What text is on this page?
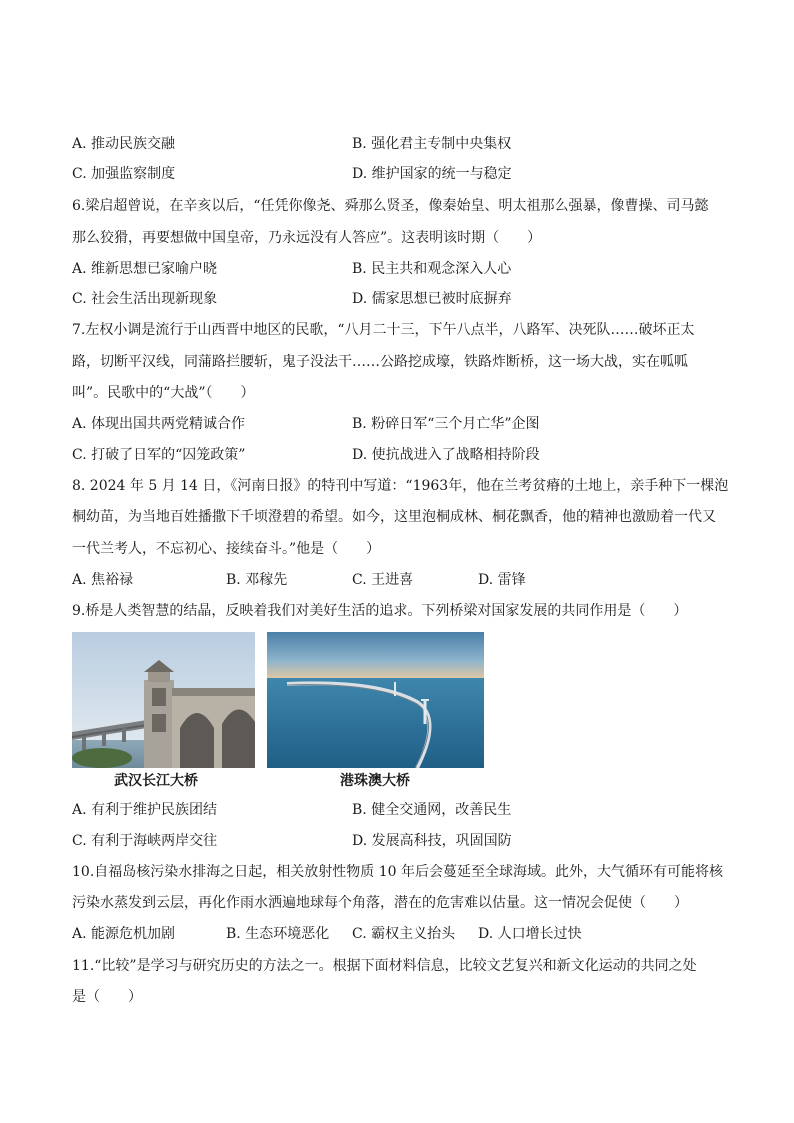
A. 推动民族交融	B. 强化君主专制中央集权
C. 加强监察制度	D. 维护国家的统一与稳定
6.梁启超曾说，在辛亥以后，“任凭你像尧、舜那么贤圣，像秦始皇、明太祖那么强暴，像曹操、司马懿
那么狡猾，再要想做中国皇帝，乃永远没有人答应”。这表明该时期（　　）
A. 维新思想已家喻户晓	B. 民主共和观念深入人心
C. 社会生活出现新现象	D. 儒家思想已被时底摒弃
7.左权小调是流行于山西晋中地区的民歌，“八月二十三，下午八点半，八路军、决死队……破坏正太
路，切断平汉线，同蒲路拦腰斩，鬼子没法干……公路挖成壕，铁路炸断桥，这一场大战，实在呱呱
叫”。民歌中的“大战”（　　）
A. 体现出国共两党精诚合作	B. 粉碎日军“三个月亡华”企图
C. 打破了日军的“囚笼政策”	D. 使抗战进入了战略相持阶段
8. 2024 年 5 月 14 日，《河南日报》的特刊中写道：“1963年，他在兰考贫瘠的土地上，亲手种下一棵泡
桐幼苗，为当地百姓播撒下千顷澄碧的希望。如今，这里泡桐成林、桐花飘香，他的精神也激励着一代又
一代兰考人，不忘初心、接续奋斗。”他是（　　）
A. 焦裕禄	B. 邓稼先	C. 王进喜	D. 雷锋
9.桥是人类智慧的结晶，反映着我们对美好生活的追求。下列桥梁对国家发展的共同作用是（　　）
武汉长江大桥	港珠澳大桥
A. 有利于维护民族团结	B. 健全交通网，改善民生
C. 有利于海峡两岸交往	D. 发展高科技，巩固国防
10.自福岛核污染水排海之日起，相关放射性物质 10 年后会蔓延至全球海域。此外，大气循环有可能将核
污染水蒸发到云层，再化作雨水洒遍地球每个角落，潜在的危害难以估量。这一情况会促使（　　）
A. 能源危机加剧	B. 生态环境恶化 C. 霸权主义抬头 D. 人口增长过快
11.“比较”是学习与研究历史的方法之一。根据下面材料信息，比较文艺复兴和新文化运动的共同之处
是（　　）
